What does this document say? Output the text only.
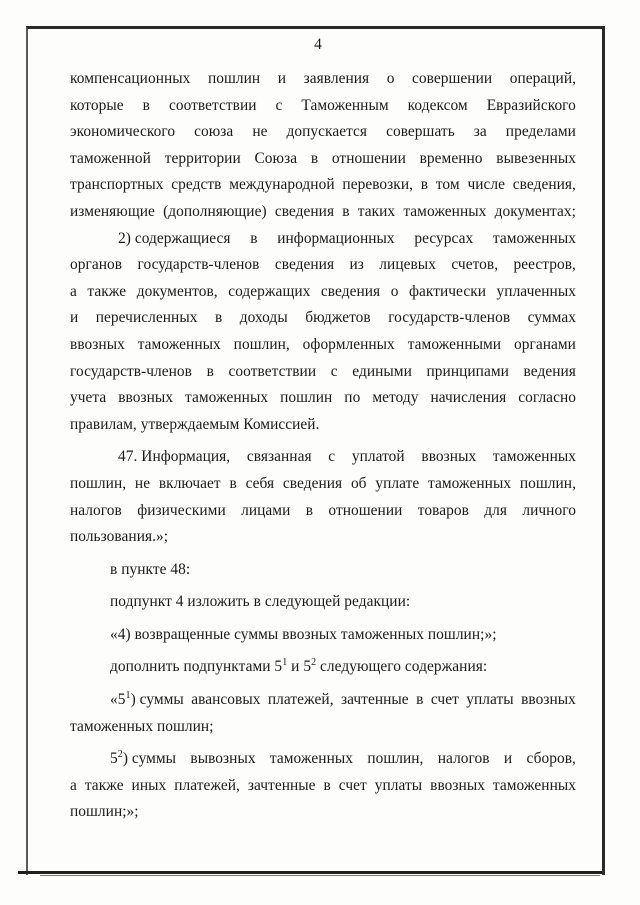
4
компенсационных пошлин и заявления о совершении операций,
которые в соответствии с Таможенным кодексом Евразийского
экономического союза не допускается совершать за пределами
таможенной территории Союза в отношении временно вывезенных
транспортных средств международной перевозки, в том числе сведения,
изменяющие (дополняющие) сведения в таких таможенных документах;
2) содержащиеся в информационных ресурсах таможенных
органов государств-членов сведения из лицевых счетов, реестров,
а также документов, содержащих сведения о фактически уплаченных
и перечисленных в доходы бюджетов государств-членов суммах
ввозных таможенных пошлин, оформленных таможенными органами
государств-членов в соответствии с едиными принципами ведения
учета ввозных таможенных пошлин по методу начисления согласно
правилам, утверждаемым Комиссией.
47. Информация, связанная с уплатой ввозных таможенных
пошлин, не включает в себя сведения об уплате таможенных пошлин,
налогов физическими лицами в отношении товаров для личного
пользования.»;
в пункте 48:
подпункт 4 изложить в следующей редакции:
«4) возвращенные суммы ввозных таможенных пошлин;»;
дополнить подпунктами $5^1$ и $5^2$ следующего содержания:
«$5^1$) суммы авансовых платежей, зачтенные в счет уплаты ввозных
таможенных пошлин;
$5^2$) суммы вывозных таможенных пошлин, налогов и сборов,
а также иных платежей, зачтенные в счет уплаты ввозных таможенных
пошлин;»;
